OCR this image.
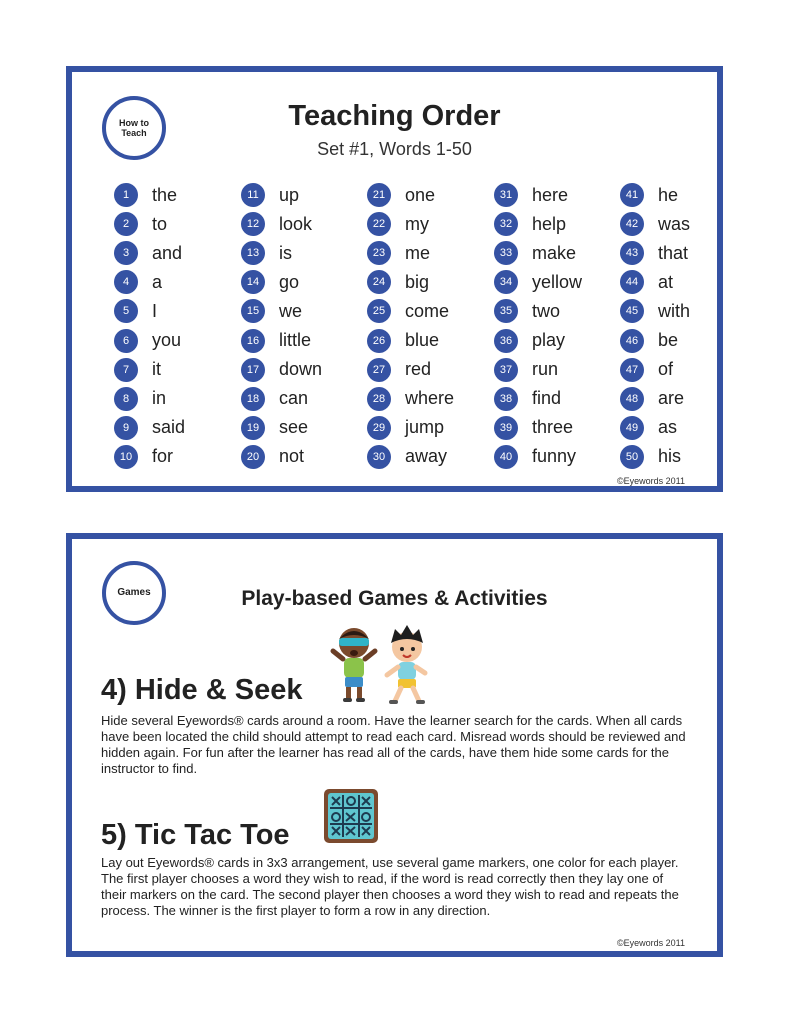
How to
Teach
Teaching Order
Set #1, Words 1-50
1	the
2	to
3	and
4	a
5	I
6	you
7	it
8	in
9	said
10	for
11	up
12	look
13	is
14	go
15	we
16	little
17	down
18	can
19	see
20	not
21	one
22	my
23	me
24	big
25	come
26	blue
27	red
28	where
29	jump
30	away
31	here
32	help
33	make
34	yellow
35	two
36	play
37	run
38	find
39	three
40	funny
41	he
42	was
43	that
44	at
45	with
46	be
47	of
48	are
49	as
50	his
©Eyewords 2011
Games	Play-based Games & Activities
4) Hide & Seek
Hide several Eyewords® cards around a room. Have the learner search for the cards. When all cards have been located the child should attempt to read each card. Misread words should be reviewed and hidden again. For fun after the learner has read all of the cards, have them hide some cards for the instructor to find.
5) Tic Tac Toe
Lay out Eyewords® cards in 3x3 arrangement, use several game markers, one color for each player. The first player chooses a word they wish to read, if the word is read correctly then they lay one of their markers on the card. The second player then chooses a word they wish to read and repeats the process. The winner is the first player to form a row in any direction.
©Eyewords 2011
